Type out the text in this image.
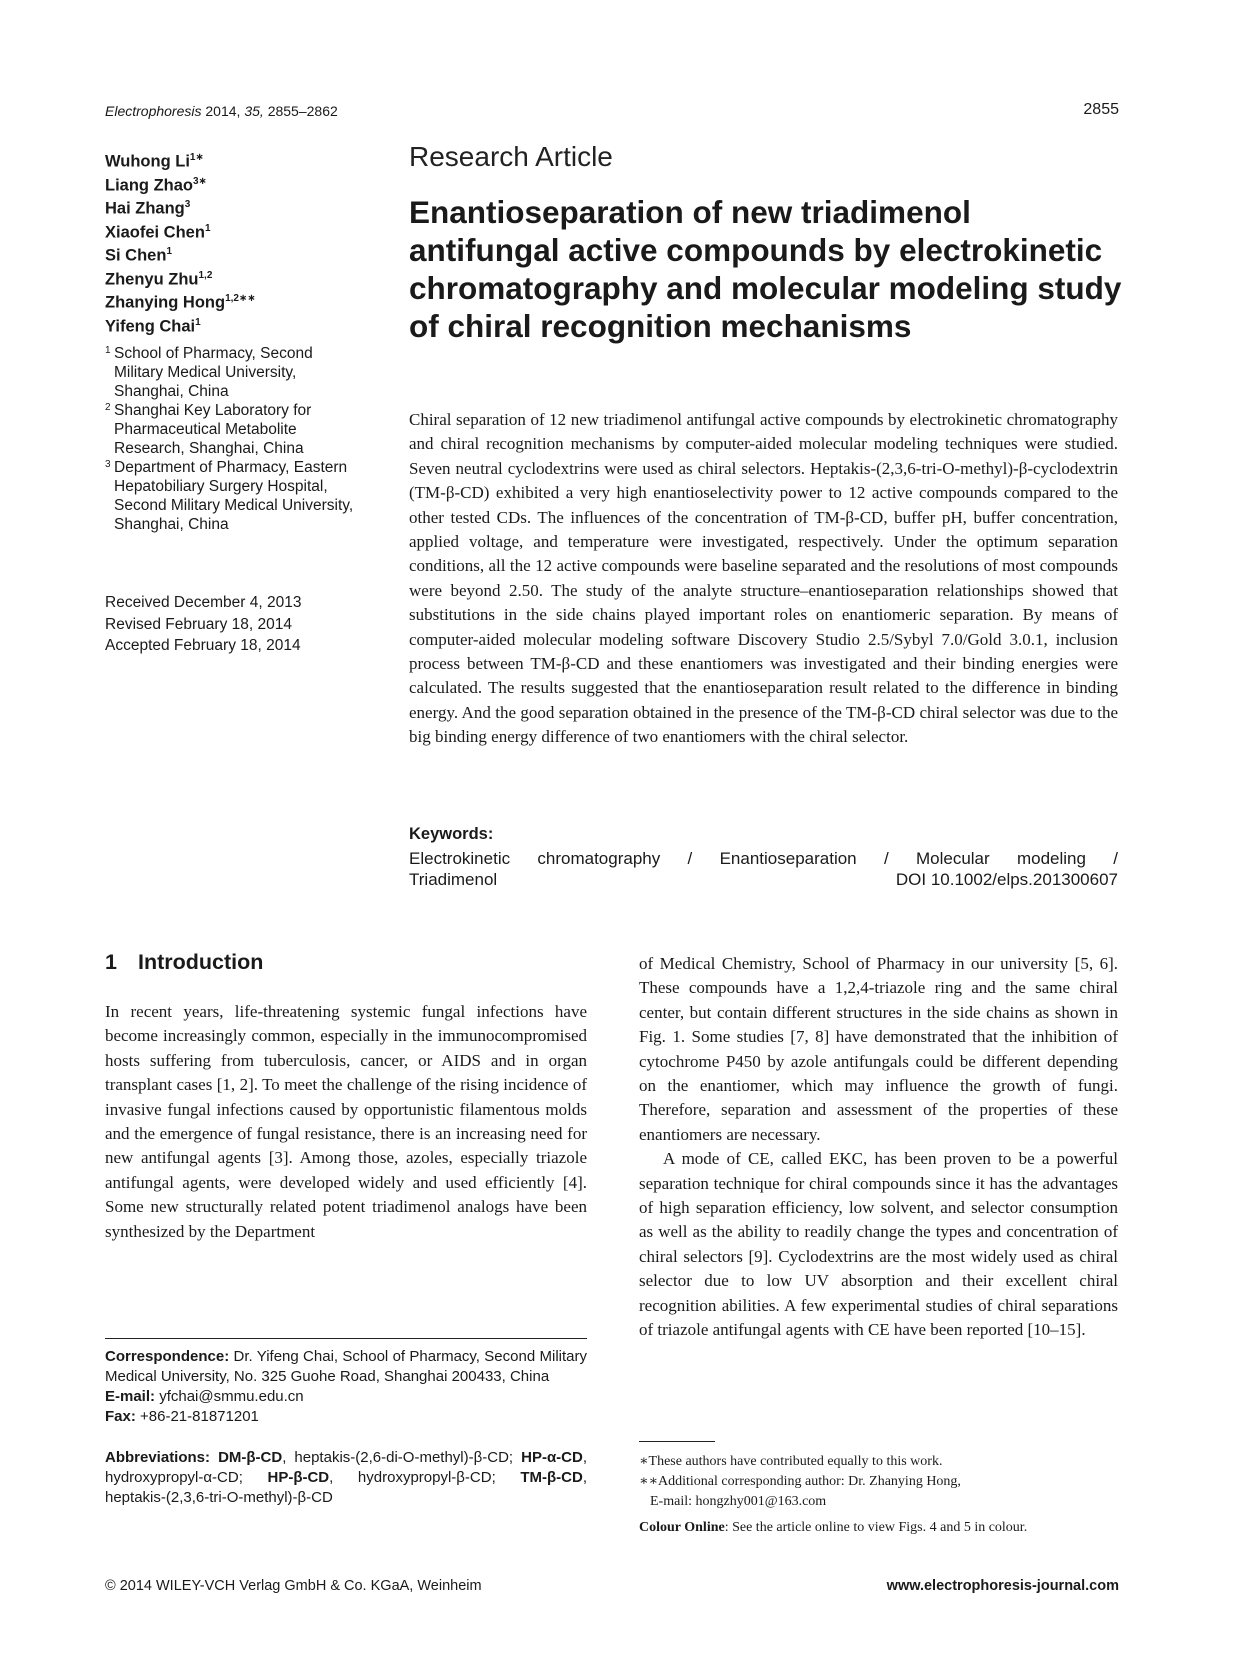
Electrophoresis 2014, 35, 2855–2862	2855
Wuhong $Li^{1∗}$
Liang Zhao$^{3∗}$
Hai Zhang$^3$
Xiaofei Chen$^1$
Si Chen$^1$
Zhenyu Zhu$^{1,2}$
Zhanying Hong$^{1,2∗∗}$
Yifeng Chai$^1$
1 School of Pharmacy, Second Military Medical University, Shanghai, China
2 Shanghai Key Laboratory for Pharmaceutical Metabolite Research, Shanghai, China
3 Department of Pharmacy, Eastern Hepatobiliary Surgery Hospital, Second Military Medical University, Shanghai, China
Received December 4, 2013
Revised February 18, 2014
Accepted February 18, 2014
Research Article
Enantioseparation of new triadimenol antifungal active compounds by electrokinetic chromatography and molecular modeling study of chiral recognition mechanisms
Chiral separation of 12 new triadimenol antifungal active compounds by electrokinetic chromatography and chiral recognition mechanisms by computer-aided molecular modeling techniques were studied. Seven neutral cyclodextrins were used as chiral selectors. Heptakis-(2,3,6-tri-O-methyl)-β-cyclodextrin (TM-β-CD) exhibited a very high enantioselectivity power to 12 active compounds compared to the other tested CDs. The influences of the concentration of TM-β-CD, buffer pH, buffer concentration, applied voltage, and temperature were investigated, respectively. Under the optimum separation conditions, all the 12 active compounds were baseline separated and the resolutions of most compounds were beyond 2.50. The study of the analyte structure–enantioseparation relationships showed that substitutions in the side chains played important roles on enantiomeric separation. By means of computer-aided molecular modeling software Discovery Studio 2.5/Sybyl 7.0/Gold 3.0.1, inclusion process between TM-β-CD and these enantiomers was investigated and their binding energies were calculated. The results suggested that the enantioseparation result related to the difference in binding energy. And the good separation obtained in the presence of the TM-β-CD chiral selector was due to the big binding energy difference of two enantiomers with the chiral selector.
Keywords:
Electrokinetic chromatography / Enantioseparation / Molecular modeling /
Triadimenol	DOI 10.1002/elps.201300607
1 Introduction

In recent years, life-threatening systemic fungal infections have become increasingly common, especially in the immunocompromised hosts suffering from tuberculosis, cancer, or AIDS and in organ transplant cases [1, 2]. To meet the challenge of the rising incidence of invasive fungal infections caused by opportunistic filamentous molds and the emergence of fungal resistance, there is an increasing need for new antifungal agents [3]. Among those, azoles, especially triazole antifungal agents, were developed widely and used efficiently [4]. Some new structurally related potent triadimenol analogs have been synthesized by the Department

of Medical Chemistry, School of Pharmacy in our university [5, 6]. These compounds have a 1,2,4-triazole ring and the same chiral center, but contain different structures in the side chains as shown in Fig. 1. Some studies [7, 8] have demonstrated that the inhibition of cytochrome P450 by azole antifungals could be different depending on the enantiomer, which may influence the growth of fungi. Therefore, separation and assessment of the properties of these enantiomers are necessary.

A mode of CE, called EKC, has been proven to be a powerful separation technique for chiral compounds since it has the advantages of high separation efficiency, low solvent, and selector consumption as well as the ability to readily change the types and concentration of chiral selectors [9]. Cyclodextrins are the most widely used as chiral selector due to low UV absorption and their excellent chiral recognition abilities. A few experimental studies of chiral separations of triazole antifungal agents with CE have been reported [10–15].

Correspondence: Dr. Yifeng Chai, School of Pharmacy, Second Military Medical University, No. 325 Guohe Road, Shanghai 200433, China
E-mail: yfchai@smmu.edu.cn
Fax: +86-21-81871201
Abbreviations: DM-β-CD, heptakis-(2,6-di-O-methyl)-β-CD; HP-α-CD, hydroxypropyl-α-CD; HP-β-CD, hydroxypropyl-β-CD; TM-β-CD, heptakis-(2,3,6-tri-O-methyl)-β-CD

∗These authors have contributed equally to this work.

∗∗Additional corresponding author: Dr. Zhanying Hong,

E-mail: hongzhy001@163.com

Colour Online: See the article online to view Figs. 4 and 5 in colour.

© 2014 WILEY-VCH Verlag GmbH & Co. KGaA, Weinheim	www.electrophoresis-journal.com
